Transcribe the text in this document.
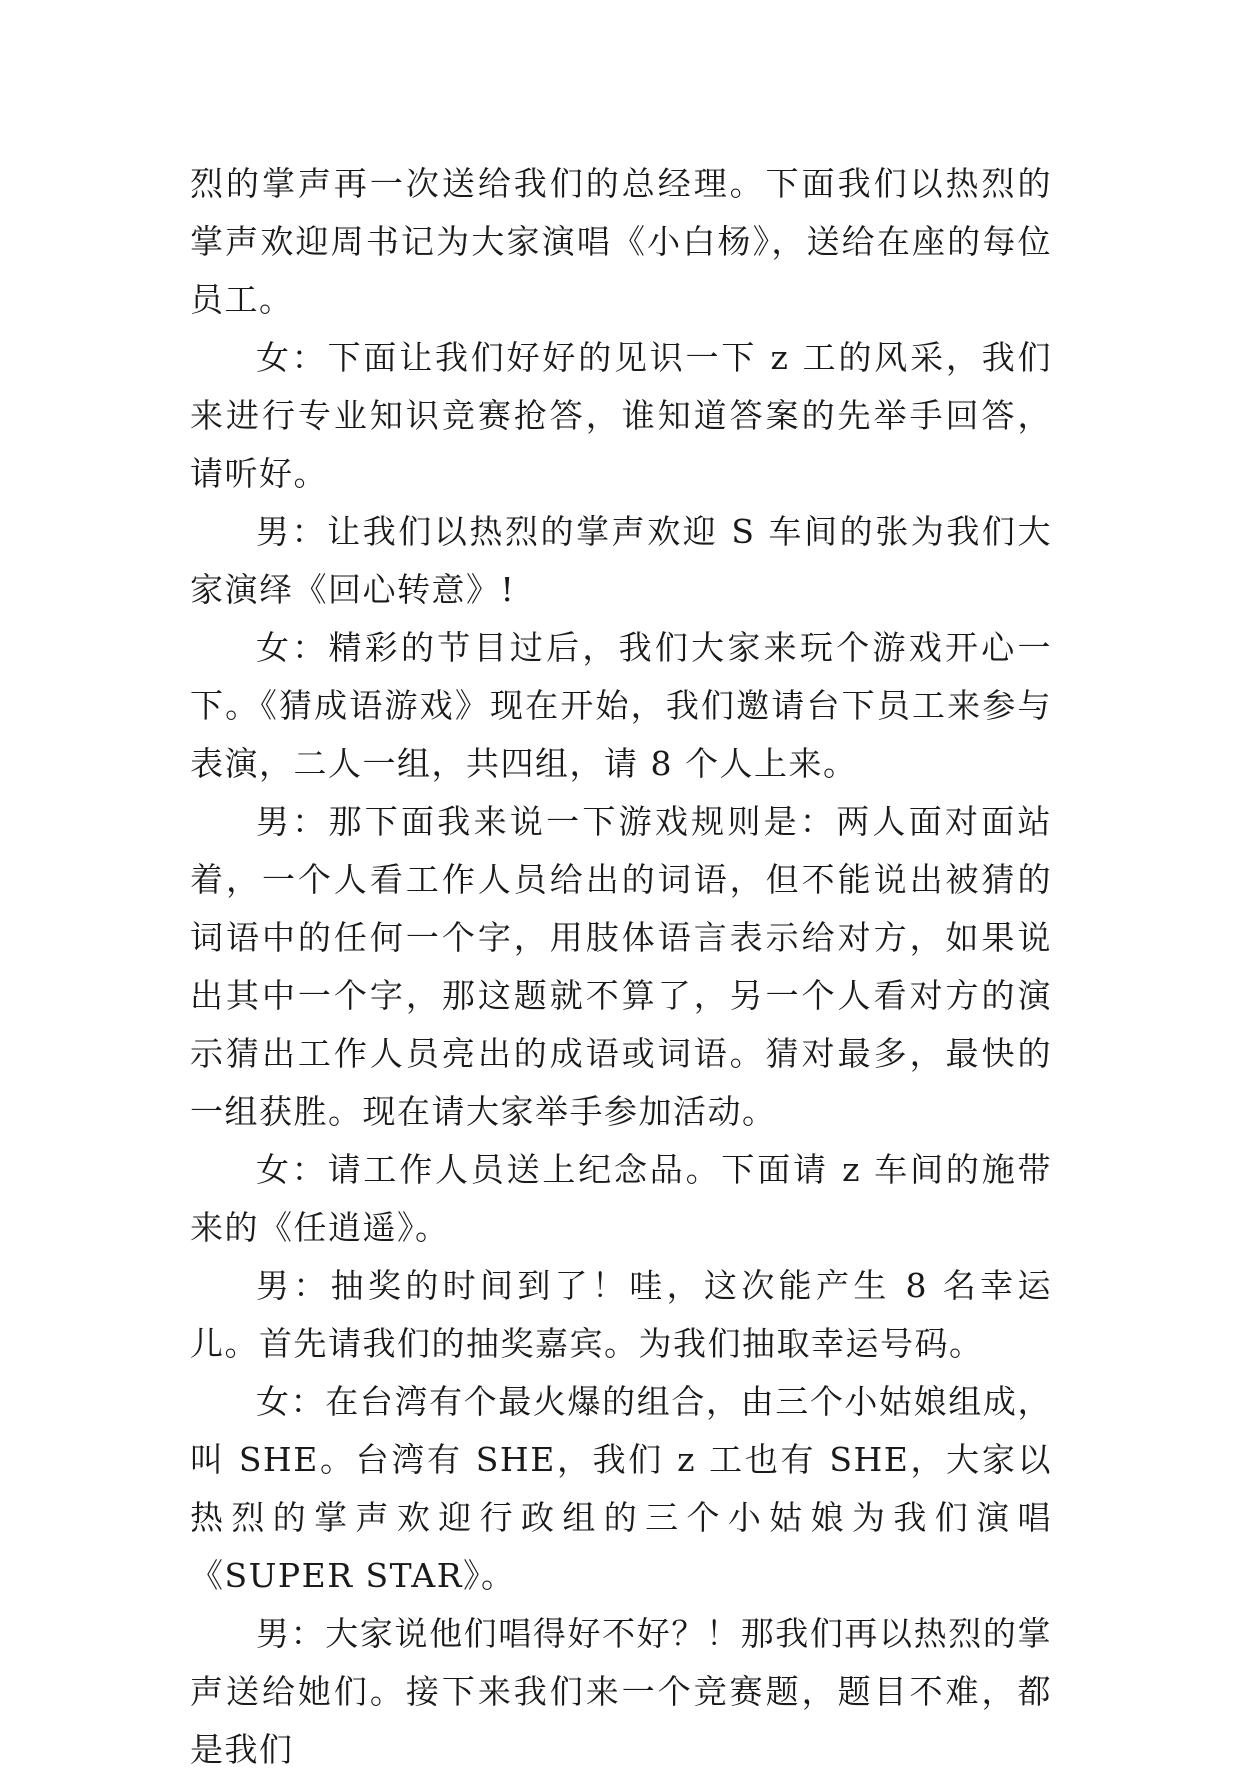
烈的掌声再一次送给我们的总经理。下面我们以热烈的掌声欢迎周书记为大家演唱《小白杨》，送给在座的每位员工。

女：下面让我们好好的见识一下 z 工的风采，我们来进行专业知识竞赛抢答，谁知道答案的先举手回答，请听好。

男：让我们以热烈的掌声欢迎 S 车间的张为我们大家演绎《回心转意》!

女：精彩的节目过后，我们大家来玩个游戏开心一下。《猜成语游戏》现在开始，我们邀请台下员工来参与表演，二人一组，共四组，请 8 个人上来。

男：那下面我来说一下游戏规则是：两人面对面站着，一个人看工作人员给出的词语，但不能说出被猜的词语中的任何一个字，用肢体语言表示给对方，如果说出其中一个字，那这题就不算了，另一个人看对方的演示猜出工作人员亮出的成语或词语。猜对最多，最快的一组获胜。现在请大家举手参加活动。

女：请工作人员送上纪念品。下面请 z 车间的施带来的《任逍遥》。

男：抽奖的时间到了！哇，这次能产生 8 名幸运儿。首先请我们的抽奖嘉宾。为我们抽取幸运号码。

女：在台湾有个最火爆的组合，由三个小姑娘组成，叫 SHE。台湾有 SHE，我们 z 工也有 SHE，大家以热烈的掌声欢迎行政组的三个小姑娘为我们演唱《SUPER STAR》。

男：大家说他们唱得好不好？！那我们再以热烈的掌声送给她们。接下来我们来一个竞赛题，题目不难，都是我们
